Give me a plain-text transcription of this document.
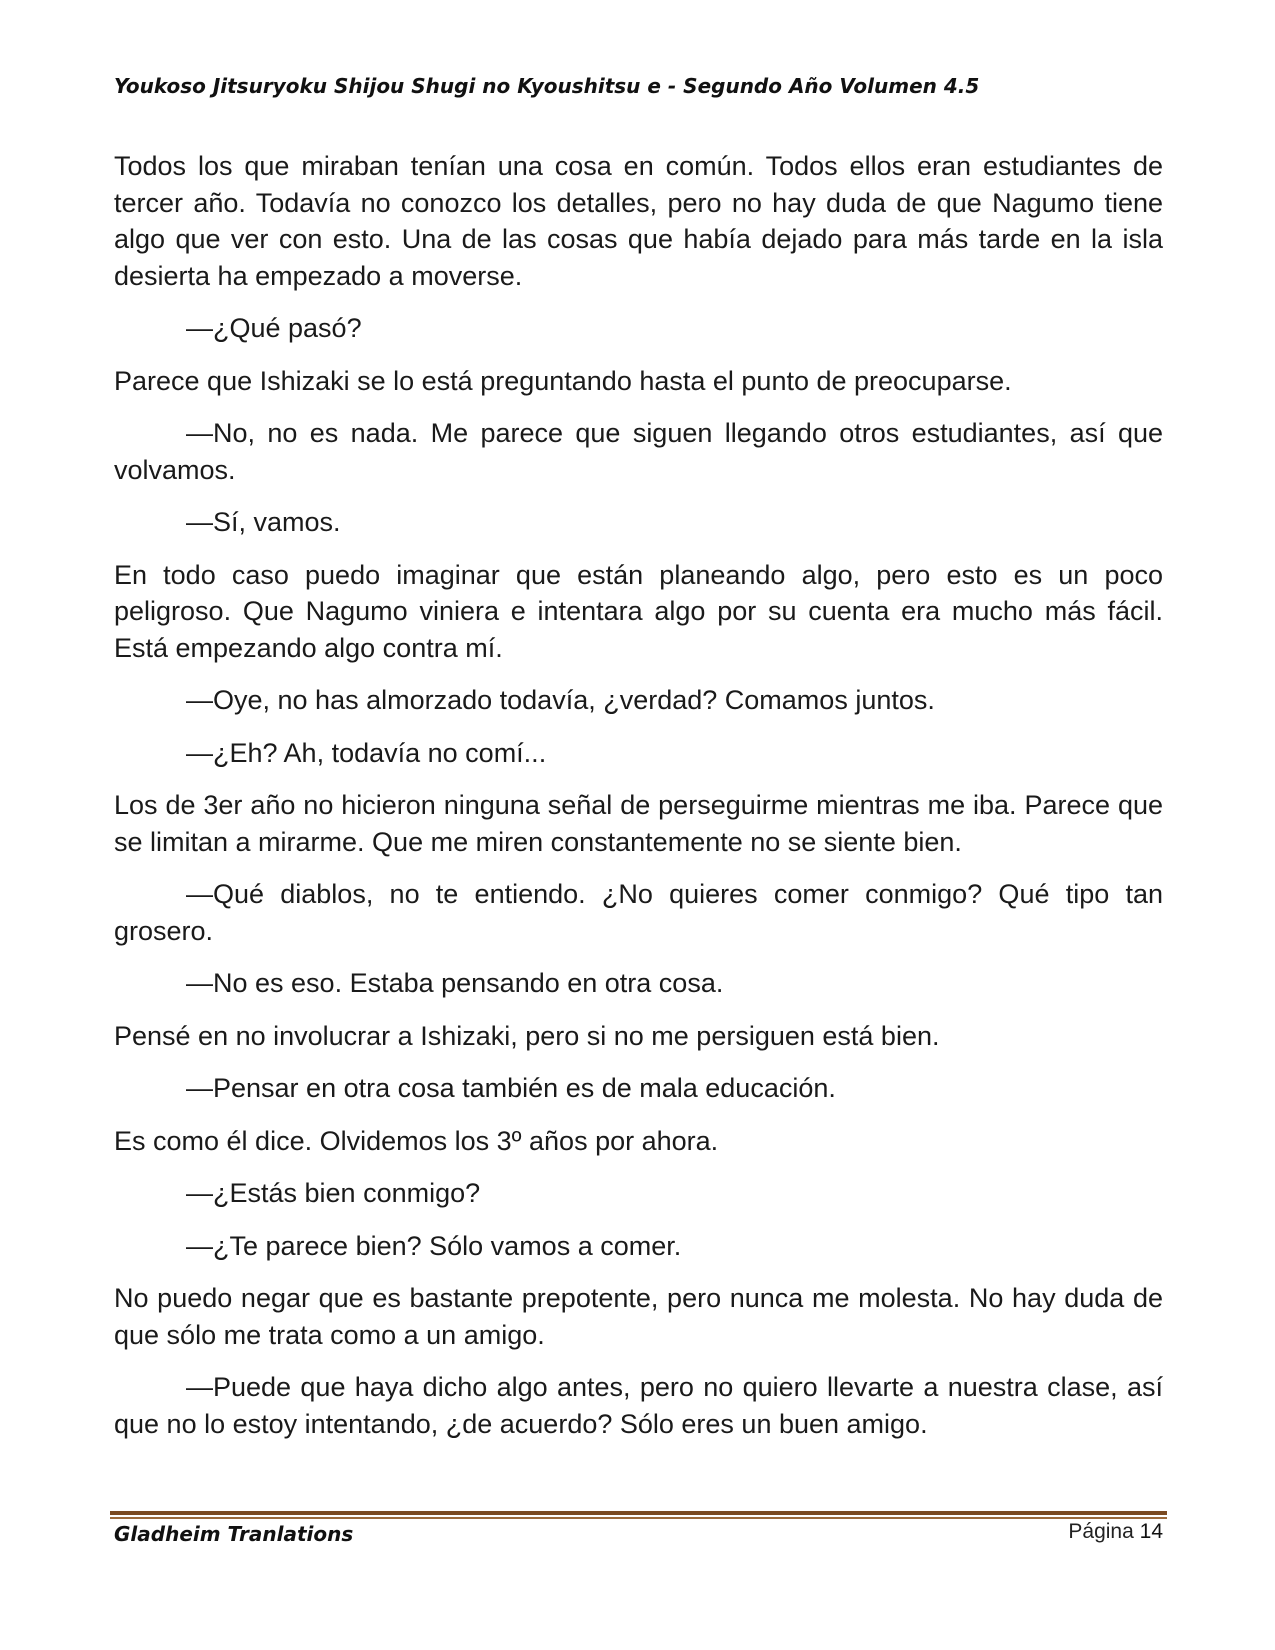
Youkoso Jitsuryoku Shijou Shugi no Kyoushitsu e - Segundo Año Volumen 4.5

Todos los que miraban tenían una cosa en común. Todos ellos eran estudiantes de tercer año. Todavía no conozco los detalles, pero no hay duda de que Nagumo tiene algo que ver con esto. Una de las cosas que había dejado para más tarde en la isla desierta ha empezado a moverse.

—¿Qué pasó?

Parece que Ishizaki se lo está preguntando hasta el punto de preocuparse.

—No, no es nada. Me parece que siguen llegando otros estudiantes, así que volvamos.

—Sí, vamos.

En todo caso puedo imaginar que están planeando algo, pero esto es un poco peligroso. Que Nagumo viniera e intentara algo por su cuenta era mucho más fácil. Está empezando algo contra mí.

—Oye, no has almorzado todavía, ¿verdad? Comamos juntos.

—¿Eh? Ah, todavía no comí...

Los de 3er año no hicieron ninguna señal de perseguirme mientras me iba. Parece que se limitan a mirarme. Que me miren constantemente no se siente bien.

—Qué diablos, no te entiendo. ¿No quieres comer conmigo? Qué tipo tan grosero.

—No es eso. Estaba pensando en otra cosa.

Pensé en no involucrar a Ishizaki, pero si no me persiguen está bien.

—Pensar en otra cosa también es de mala educación.

Es como él dice. Olvidemos los 3º años por ahora.

—¿Estás bien conmigo?

—¿Te parece bien? Sólo vamos a comer.

No puedo negar que es bastante prepotente, pero nunca me molesta. No hay duda de que sólo me trata como a un amigo.

—Puede que haya dicho algo antes, pero no quiero llevarte a nuestra clase, así que no lo estoy intentando, ¿de acuerdo? Sólo eres un buen amigo.

Gladheim Tranlations	Página 14
